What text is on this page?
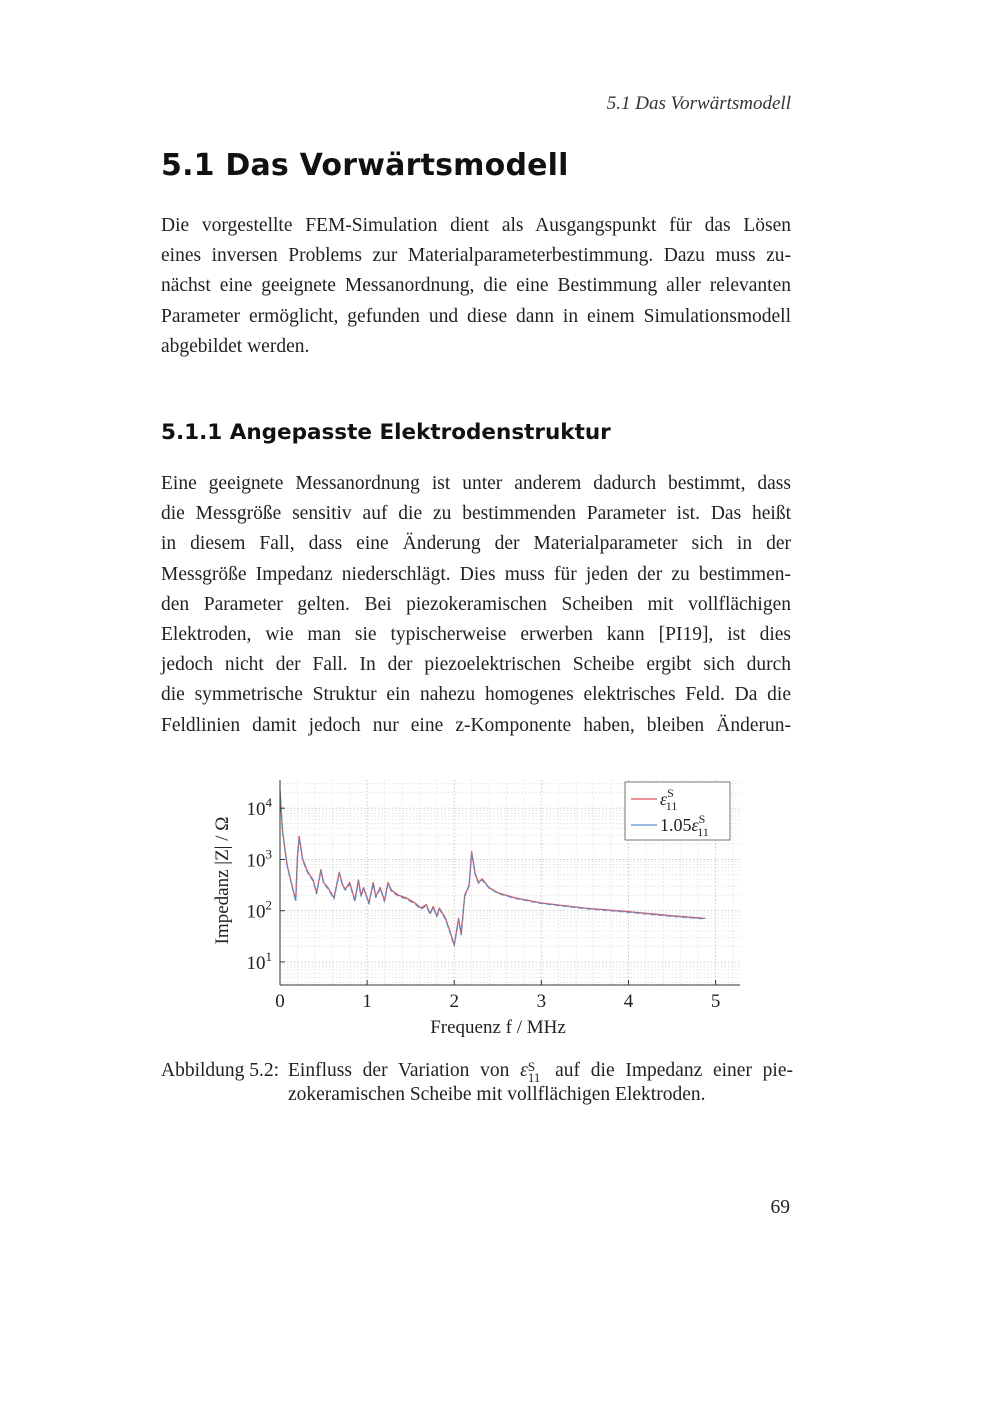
5.1 Das Vorwärtsmodell
5.1 Das Vorwärtsmodell
Die vorgestellte FEM-Simulation dient als Ausgangspunkt für das Lösen
eines inversen Problems zur Materialparameterbestimmung. Dazu muss zu-
nächst eine geeignete Messanordnung, die eine Bestimmung aller relevanten
Parameter ermöglicht, gefunden und diese dann in einem Simulationsmodell
abgebildet werden.
5.1.1 Angepasste Elektrodenstruktur
Eine geeignete Messanordnung ist unter anderem dadurch bestimmt, dass
die Messgröße sensitiv auf die zu bestimmenden Parameter ist. Das heißt
in diesem Fall, dass eine Änderung der Materialparameter sich in der
Messgröße Impedanz niederschlägt. Dies muss für jeden der zu bestimmen-
den Parameter gelten. Bei piezokeramischen Scheiben mit vollflächigen
Elektroden, wie man sie typischerweise erwerben kann [PI19], ist dies
jedoch nicht der Fall. In der piezoelektrischen Scheibe ergibt sich durch
die symmetrische Struktur ein nahezu homogenes elektrisches Feld. Da die
Feldlinien damit jedoch nur eine z-Komponente haben, bleiben Änderun-
0	1	2	3	4	5
$10^1$
$10^2$
$10^3$
$10^4$
Frequenz f / MHz
Impedanz |Z| / Ω
$\varepsilon^S$ 11
$1.05\varepsilon^S$ 11
Abbildung 5.2: Einfluss der Variation von ε S
11 auf die Impedanz einer pie-
zokeramischen Scheibe mit vollflächigen Elektroden.
69
